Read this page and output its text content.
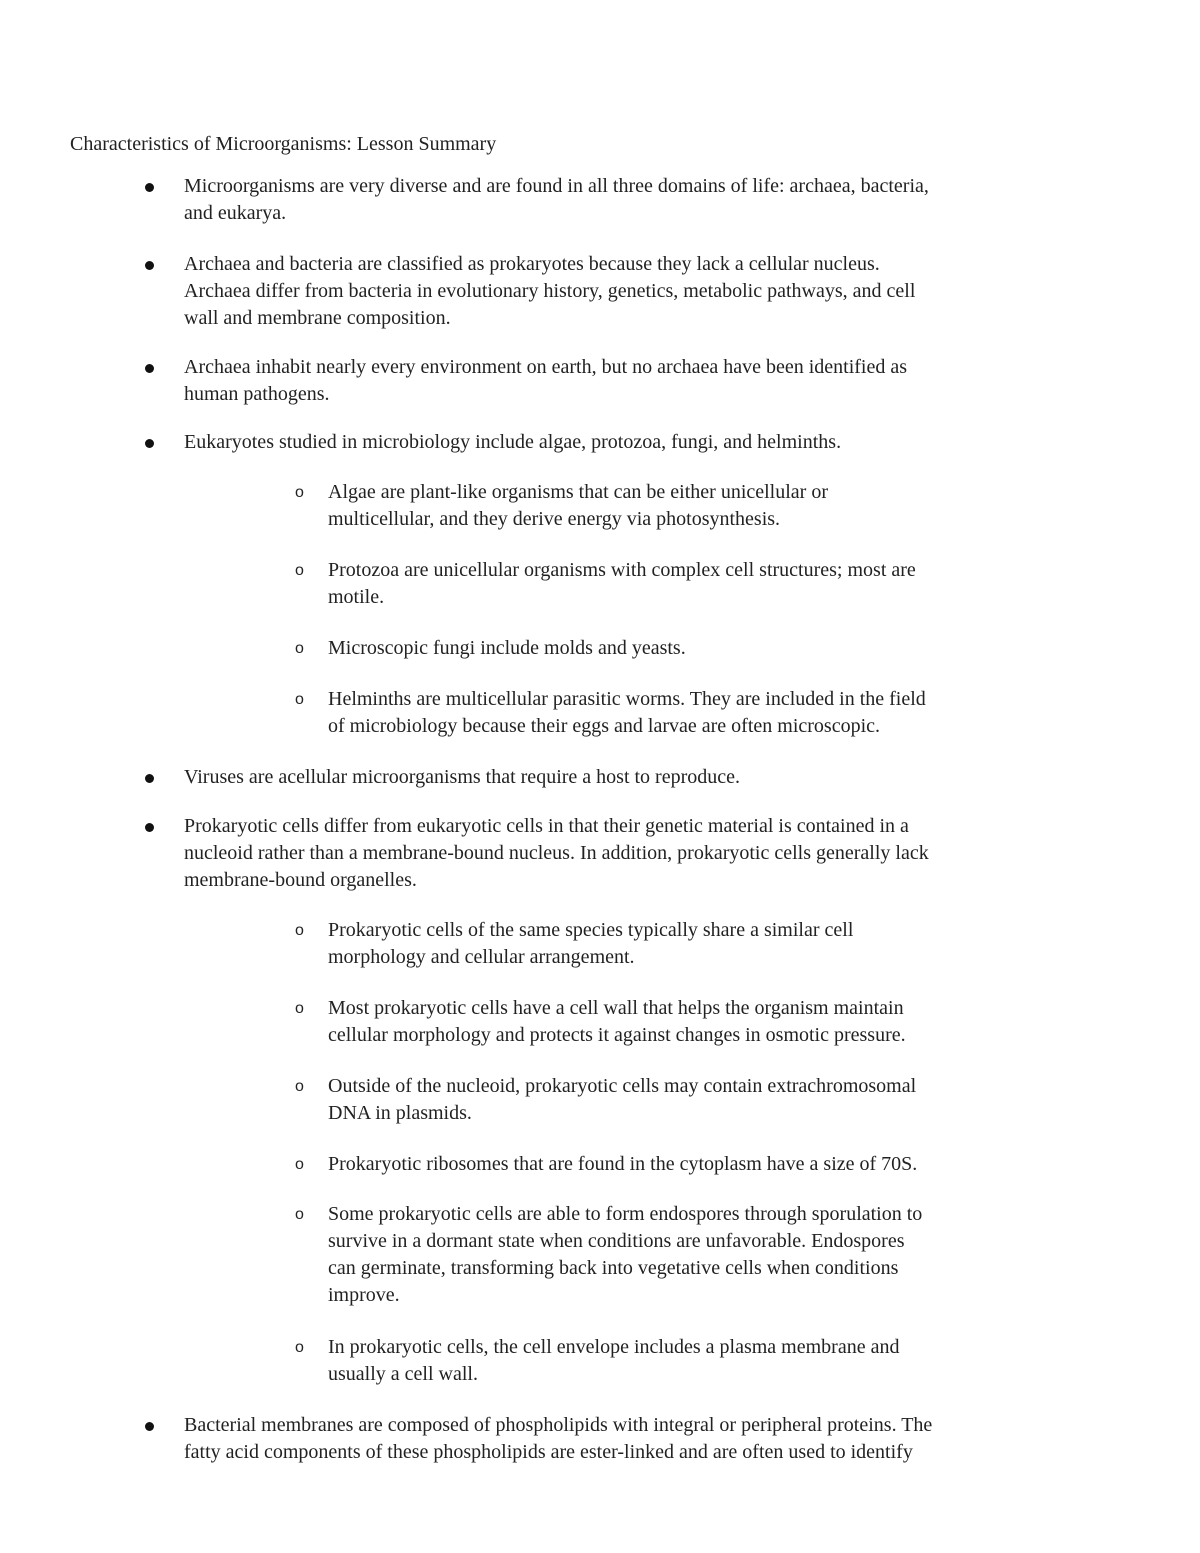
Characteristics of Microorganisms: Lesson Summary
Microorganisms are very diverse and are found in all three domains of life: archaea, bacteria,
and eukarya.
Archaea and bacteria are classified as prokaryotes because they lack a cellular nucleus.
Archaea differ from bacteria in evolutionary history, genetics, metabolic pathways, and cell
wall and membrane composition.
Archaea inhabit nearly every environment on earth, but no archaea have been identified as
human pathogens.
Eukaryotes studied in microbiology include algae, protozoa, fungi, and helminths.
o Algae are plant-like organisms that can be either unicellular or
multicellular, and they derive energy via photosynthesis.
o Protozoa are unicellular organisms with complex cell structures; most are
motile.
o Microscopic fungi include molds and yeasts.
o Helminths are multicellular parasitic worms. They are included in the field
of microbiology because their eggs and larvae are often microscopic.
Viruses are acellular microorganisms that require a host to reproduce.
Prokaryotic cells differ from eukaryotic cells in that their genetic material is contained in a
nucleoid rather than a membrane-bound nucleus. In addition, prokaryotic cells generally lack
membrane-bound organelles.
o Prokaryotic cells of the same species typically share a similar cell
morphology and cellular arrangement.
o Most prokaryotic cells have a cell wall that helps the organism maintain
cellular morphology and protects it against changes in osmotic pressure.
o Outside of the nucleoid, prokaryotic cells may contain extrachromosomal
DNA in plasmids.
o Prokaryotic ribosomes that are found in the cytoplasm have a size of 70S.
o Some prokaryotic cells are able to form endospores through sporulation to
survive in a dormant state when conditions are unfavorable. Endospores
can germinate, transforming back into vegetative cells when conditions
improve.
o In prokaryotic cells, the cell envelope includes a plasma membrane and
usually a cell wall.
Bacterial membranes are composed of phospholipids with integral or peripheral proteins. The
fatty acid components of these phospholipids are ester-linked and are often used to identify
